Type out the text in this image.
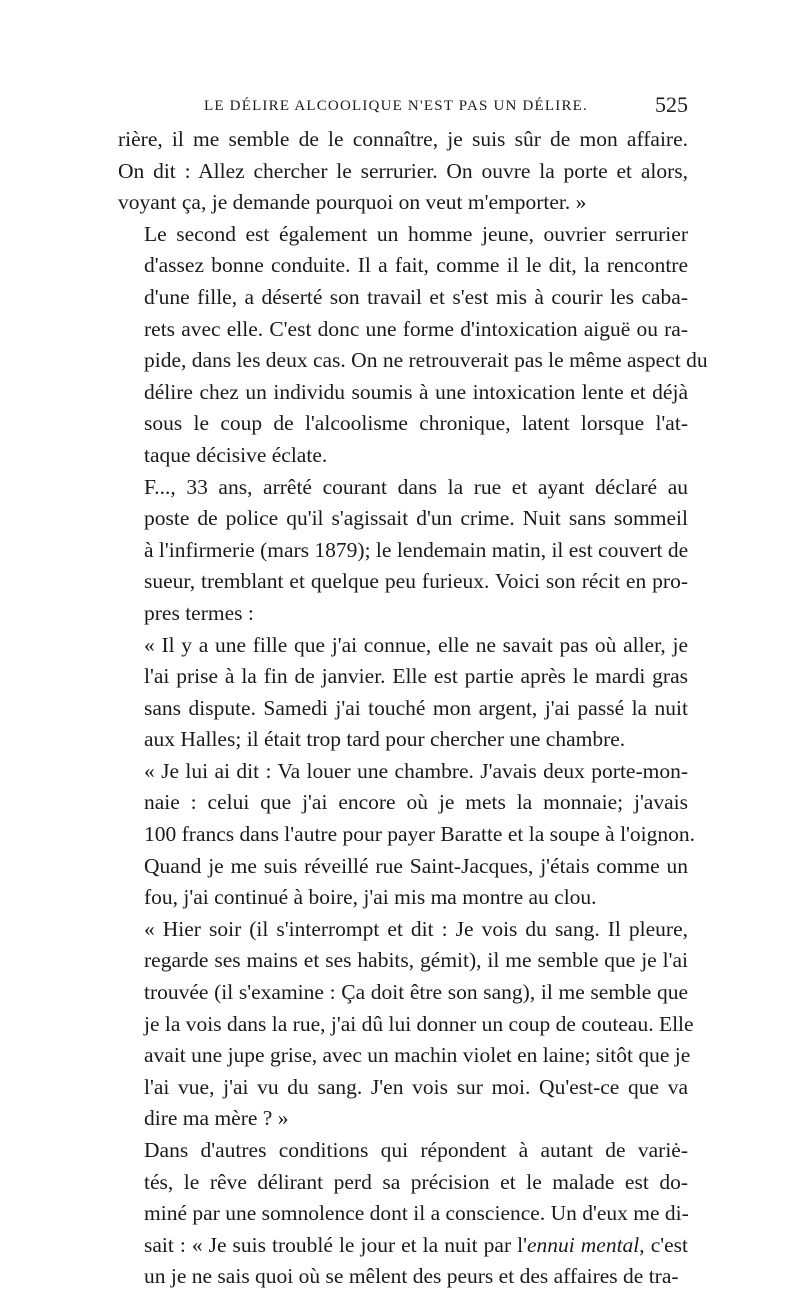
LE DÉLIRE ALCOOLIQUE N'EST PAS UN DÉLIRE.	525

rière, il me semble de le connaître, je suis sûr de mon affaire.
On dit : Allez chercher le serrurier. On ouvre la porte et alors,
voyant ça, je demande pourquoi on veut m'emporter. »

Le second est également un homme jeune, ouvrier serrurier
d'assez bonne conduite. Il a fait, comme il le dit, la rencontre
d'une fille, a déserté son travail et s'est mis à courir les caba-
rets avec elle. C'est donc une forme d'intoxication aiguë ou ra-
pide, dans les deux cas. On ne retrouverait pas le même aspect du
délire chez un individu soumis à une intoxication lente et déjà
sous le coup de l'alcoolisme chronique, latent lorsque l'at-
taque décisive éclate.

F..., 33 ans, arrêté courant dans la rue et ayant déclaré au
poste de police qu'il s'agissait d'un crime. Nuit sans sommeil
à l'infirmerie (mars 1879); le lendemain matin, il est couvert de
sueur, tremblant et quelque peu furieux. Voici son récit en pro-
pres termes :

« Il y a une fille que j'ai connue, elle ne savait pas où aller, je
l'ai prise à la fin de janvier. Elle est partie après le mardi gras
sans dispute. Samedi j'ai touché mon argent, j'ai passé la nuit
aux Halles; il était trop tard pour chercher une chambre.

« Je lui ai dit : Va louer une chambre. J'avais deux porte-mon-
naie : celui que j'ai encore où je mets la monnaie; j'avais
100 francs dans l'autre pour payer Baratte et la soupe à l'oignon.
Quand je me suis réveillé rue Saint-Jacques, j'étais comme un
fou, j'ai continué à boire, j'ai mis ma montre au clou.

« Hier soir (il s'interrompt et dit : Je vois du sang. Il pleure,
regarde ses mains et ses habits, gémit), il me semble que je l'ai
trouvée (il s'examine : Ça doit être son sang), il me semble que
je la vois dans la rue, j'ai dû lui donner un coup de couteau. Elle
avait une jupe grise, avec un machin violet en laine; sitôt que je
l'ai vue, j'ai vu du sang. J'en vois sur moi. Qu'est-ce que va
dire ma mère ? »

Dans d'autres conditions qui répondent à autant de variė-
tés, le rêve délirant perd sa précision et le malade est do-
miné par une somnolence dont il a conscience. Un d'eux me di-
sait : « Je suis troublé le jour et la nuit par l'ennui mental, c'est
un je ne sais quoi où se mêlent des peurs et des affaires de tra-
